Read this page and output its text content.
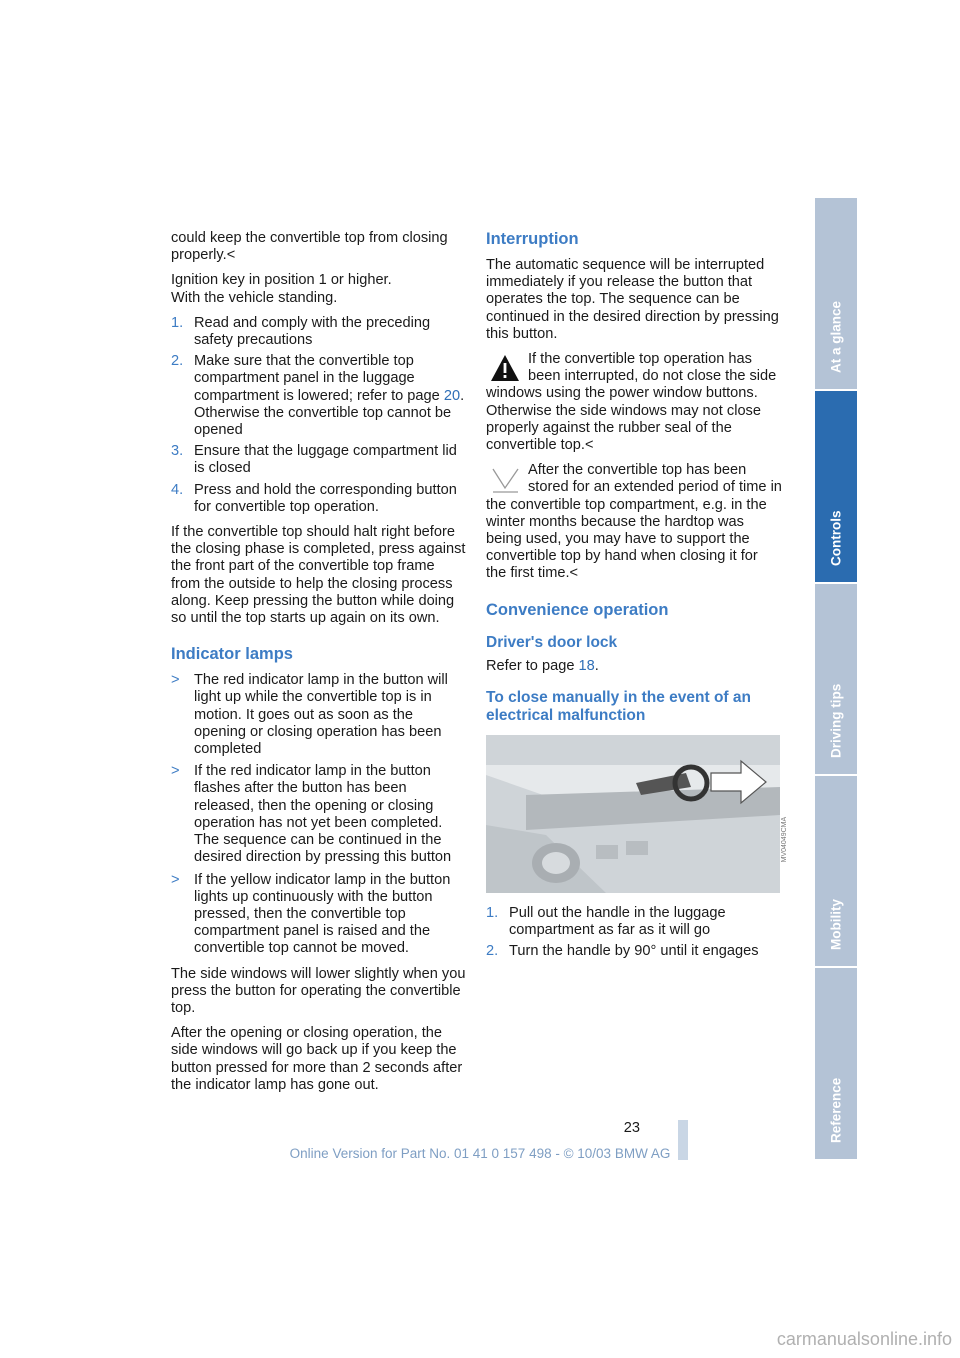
could keep the convertible top from closing properly.<

Ignition key in position 1 or higher.

With the vehicle standing.

1. Read and comply with the preceding safety precautions
2. Make sure that the convertible top compartment panel in the luggage compartment is lowered; refer to page 20. Otherwise the convertible top cannot be opened
3. Ensure that the luggage compartment lid is closed
4. Press and hold the corresponding button for convertible top operation.

If the convertible top should halt right before the closing phase is completed, press against the front part of the convertible top frame from the outside to help the closing process along. Keep pressing the button while doing so until the top starts up again on its own.

Indicator lamps
> The red indicator lamp in the button will light up while the convertible top is in motion. It goes out as soon as the opening or closing operation has been completed
> If the red indicator lamp in the button flashes after the button has been released, then the opening or closing operation has not yet been completed. The sequence can be continued in the desired direction by pressing this button
> If the yellow indicator lamp in the button lights up continuously with the button pressed, then the convertible top compartment panel is raised and the convertible top cannot be moved.

The side windows will lower slightly when you press the button for operating the convertible top.

After the opening or closing operation, the side windows will go back up if you keep the button pressed for more than 2 seconds after the indicator lamp has gone out.

Interruption

The automatic sequence will be interrupted immediately if you release the button that operates the top. The sequence can be continued in the desired direction by pressing this button.

If the convertible top operation has been interrupted, do not close the side windows using the power window buttons. Otherwise the side windows may not close properly against the rubber seal of the convertible top.<
After the convertible top has been stored for an extended period of time in the convertible top compartment, e.g. in the winter months because the hardtop was being used, you may have to support the convertible top by hand when closing it for the first time.<
Convenience operation
Driver's door lock

Refer to page 18.

To close manually in the event of an electrical malfunction
MV04049CMA
1. Pull out the handle in the luggage compartment as far as it will go
2. Turn the handle by 90° until it engages
At a glance
Controls
Driving tips
Mobility
Reference
23
Online Version for Part No. 01 41 0 157 498 - © 10/03 BMW AG
carmanualsonline.info
